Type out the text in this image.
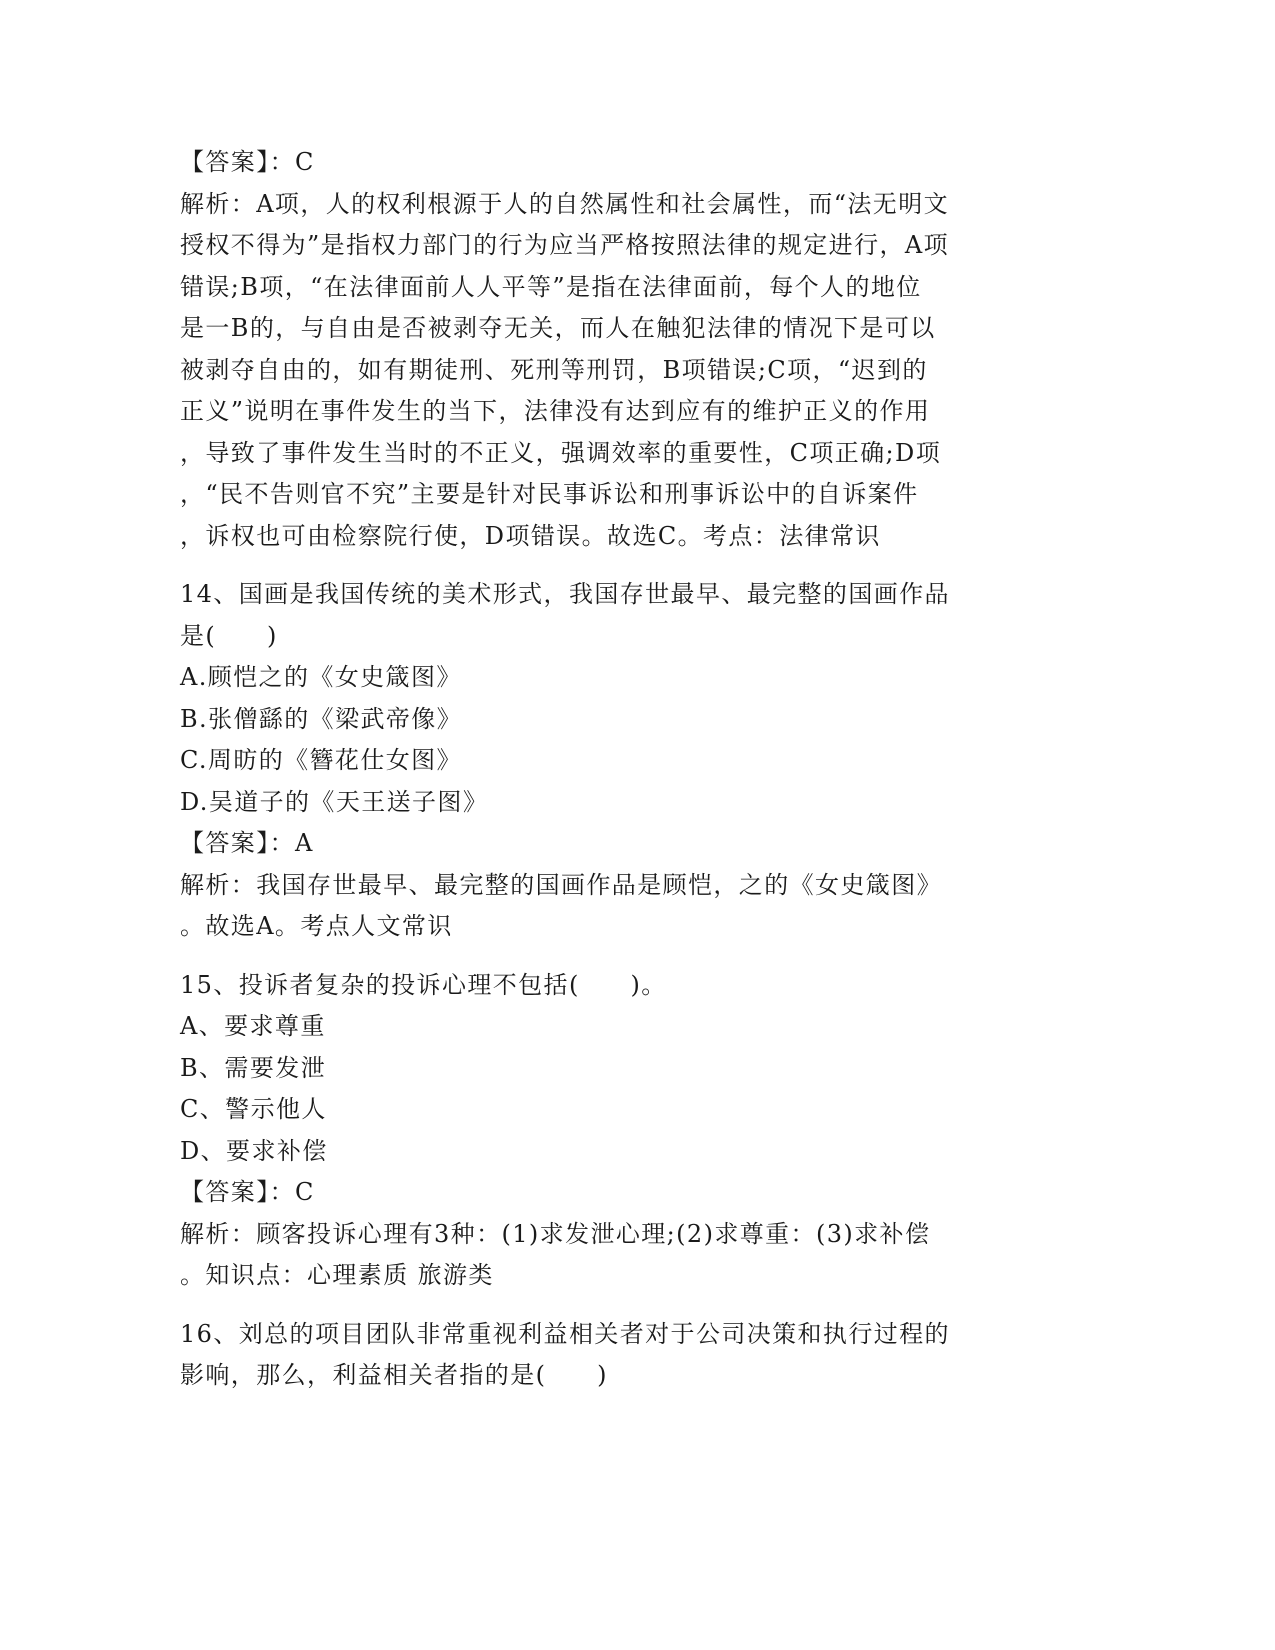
【答案】：C
解析：A项，人的权利根源于人的自然属性和社会属性，而“法无明文
授权不得为”是指权力部门的行为应当严格按照法律的规定进行，A项
错误;B项，“在法律面前人人平等”是指在法律面前，每个人的地位
是一B的，与自由是否被剥夺无关，而人在触犯法律的情况下是可以
被剥夺自由的，如有期徒刑、死刑等刑罚，B项错误;C项，“迟到的
正义”说明在事件发生的当下，法律没有达到应有的维护正义的作用
，导致了事件发生当时的不正义，强调效率的重要性，C项正确;D项
，“民不告则官不究”主要是针对民事诉讼和刑事诉讼中的自诉案件
，诉权也可由检察院行使，D项错误。故选C。考点：法律常识
14、国画是我国传统的美术形式，我国存世最早、最完整的国画作品
是(　　)
A.顾恺之的《女史箴图》
B.张僧繇的《梁武帝像》
C.周昉的《簪花仕女图》
D.吴道子的《天王送子图》
【答案】：A
解析：我国存世最早、最完整的国画作品是顾恺，之的《女史箴图》
。故选A。考点人文常识
15、投诉者复杂的投诉心理不包括(　　)。
A、要求尊重
B、需要发泄
C、警示他人
D、要求补偿
【答案】：C
解析：顾客投诉心理有3种：(1)求发泄心理;(2)求尊重：(3)求补偿
。知识点：心理素质 旅游类
16、刘总的项目团队非常重视利益相关者对于公司决策和执行过程的
影响，那么，利益相关者指的是(　　)
